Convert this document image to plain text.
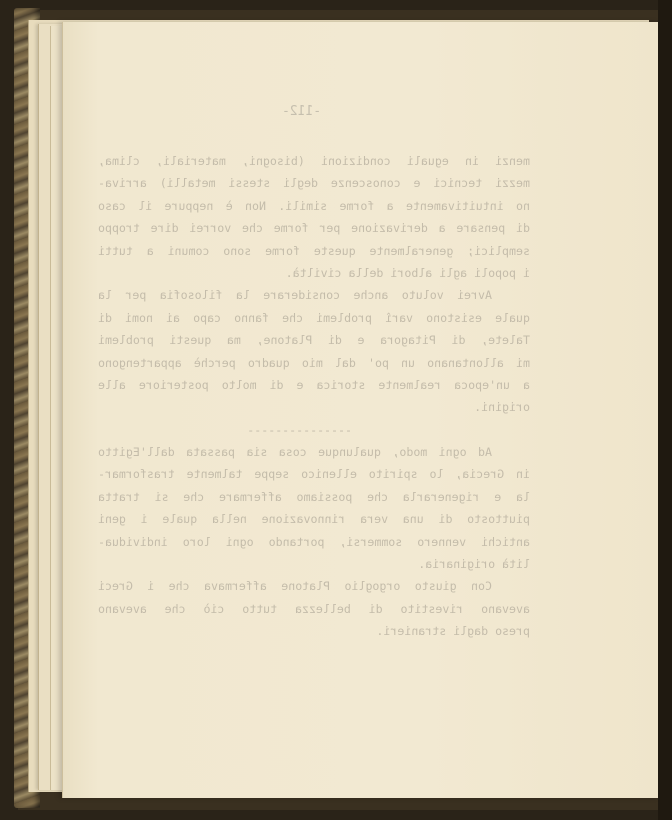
-112-
menzi in eguali condizioni (bisogni, materiali, clima,
mezzi tecnici e conoscenze degli stessi metalli) arriva-
no intuitivamente a forme simili. Non è neppure il caso
di pensare a derivazione per forme che vorrei dire troppo
semplici; generalmente queste forme sono comuni a tutti
i popoli agli albori della civiltà.
Avrei voluto anche considerare la filosofia per la
quale esistono varî problemi che fanno capo ai nomi di
Talete, di Pitagora e di Platone, ma questi problemi
mi allontanano un po' dal mio quadro perchè appartengono
a un'epoca realmente storica e di molto posteriore alle
origini.
---------------
Ad ogni modo, qualunque cosa sia passata dall'Egitto
in Grecia, lo spirito ellenico seppe talmente trasformar-
la e rigenerarla che possiamo affermare che si tratta
piuttosto di una vera rinnovazione nella quale i geni
antichi vennero sommersi, portando ogni loro individua-
lità originaria.
Con giusto orgoglio Platone affermava che i Greci
avevano rivestito di bellezza tutto ciò che avevano
preso dagli stranieri.
